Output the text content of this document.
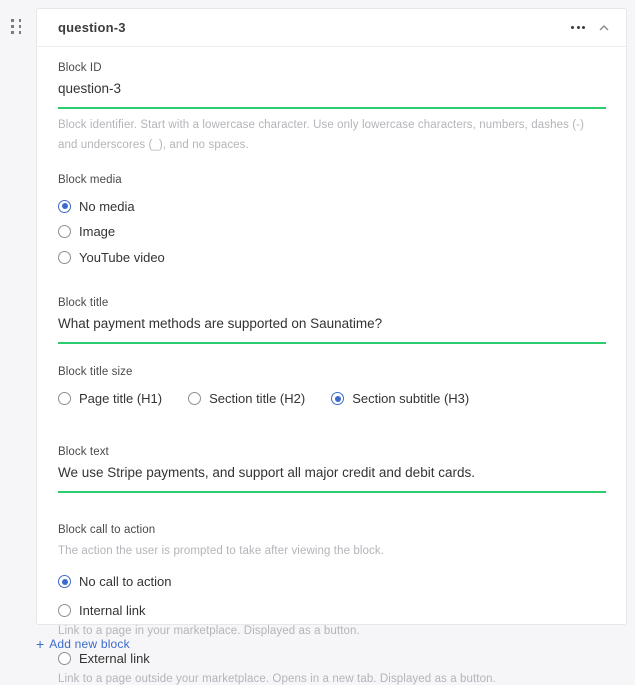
question-3
Block ID
question-3
Block identifier. Start with a lowercase character. Use only lowercase characters, numbers, dashes (-) and underscores (_), and no spaces.
Block media
No media
Image
YouTube video
Block title
What payment methods are supported on Saunatime?
Block title size
Page title (H1)	Section title (H2)	Section subtitle (H3)
Block text
We use Stripe payments, and support all major credit and debit cards.
Block call to action
The action the user is prompted to take after viewing the block.
No call to action
Internal link
Link to a page in your marketplace. Displayed as a button.
External link
Link to a page outside your marketplace. Opens in a new tab. Displayed as a button.
+ Add new block
